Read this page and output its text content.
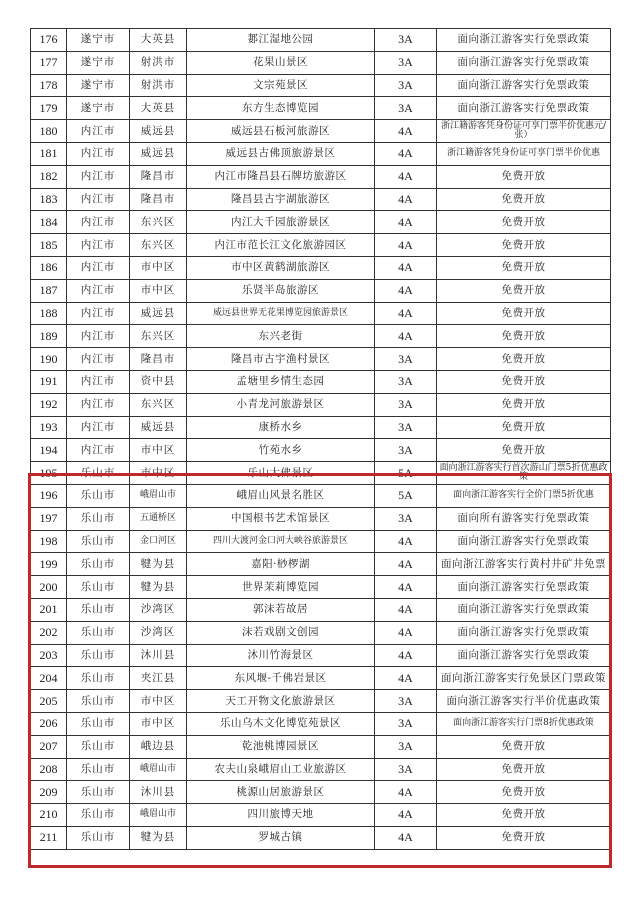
176	遂宁市	大英县	郪江湿地公园	3A	面向浙江游客实行免票政策
177	遂宁市	射洪市	花果山景区	3A	面向浙江游客实行免票政策
178	遂宁市	射洪市	文宗苑景区	3A	面向浙江游客实行免票政策
179	遂宁市	大英县	东方生态博览园	3A	面向浙江游客实行免票政策
180	内江市	威远县	威远县石板河旅游区	4A	浙江籍游客凭身份证可享门票半价优惠元/张）
181	内江市	威远县	威远县古佛顶旅游景区	4A	浙江籍游客凭身份证可享门票半价优惠
182	内江市	隆昌市	内江市隆昌县石牌坊旅游区	4A	免费开放
183	内江市	隆昌市	隆昌县古宇湖旅游区	4A	免费开放
184	内江市	东兴区	内江大千园旅游景区	4A	免费开放
185	内江市	东兴区	内江市范长江文化旅游园区	4A	免费开放
186	内江市	市中区	市中区黄鹤湖旅游区	4A	免费开放
187	内江市	市中区	乐贤半岛旅游区	4A	免费开放
188	内江市	威远县	威远县世界无花果博览园旅游景区	4A	免费开放
189	内江市	东兴区	东兴老街	4A	免费开放
190	内江市	隆昌市	隆昌市古宇渔村景区	3A	免费开放
191	内江市	资中县	孟塘里乡情生态园	3A	免费开放
192	内江市	东兴区	小青龙河旅游景区	3A	免费开放
193	内江市	威远县	康桥水乡	3A	免费开放
194	内江市	市中区	竹苑水乡	3A	免费开放
195	乐山市	市中区	乐山大佛景区	5A	面向浙江游客实行首次游山门票5折优惠政策
196	乐山市	峨眉山市	峨眉山风景名胜区	5A	面向浙江游客实行全价门票5折优惠
197	乐山市	五通桥区	中国根书艺术馆景区	3A	面向所有游客实行免票政策
198	乐山市	金口河区	四川大渡河金口河大峡谷旅游景区	4A	面向浙江游客实行免票政策
199	乐山市	犍为县	嘉阳·桫椤湖	4A	面向浙江游客实行黄村井矿井免票
200	乐山市	犍为县	世界茉莉博览园	4A	面向浙江游客实行免票政策
201	乐山市	沙湾区	郭沫若故居	4A	面向浙江游客实行免票政策
202	乐山市	沙湾区	沫若戏剧文创园	4A	面向浙江游客实行免票政策
203	乐山市	沐川县	沐川竹海景区	4A	面向浙江游客实行免票政策
204	乐山市	夹江县	东风堰-千佛岩景区	4A	面向浙江游客实行免景区门票政策
205	乐山市	市中区	天工开物文化旅游景区	3A	面向浙江游客实行半价优惠政策
206	乐山市	市中区	乐山乌木文化博览苑景区	3A	面向浙江游客实行门票8折优惠政策
207	乐山市	峨边县	乾池桃博园景区	3A	免费开放
208	乐山市	峨眉山市	农夫山泉峨眉山工业旅游区	3A	免费开放
209	乐山市	沐川县	桃源山居旅游景区	4A	免费开放
210	乐山市	峨眉山市	四川旅博天地	4A	免费开放
211	乐山市	犍为县	罗城古镇	4A	免费开放
